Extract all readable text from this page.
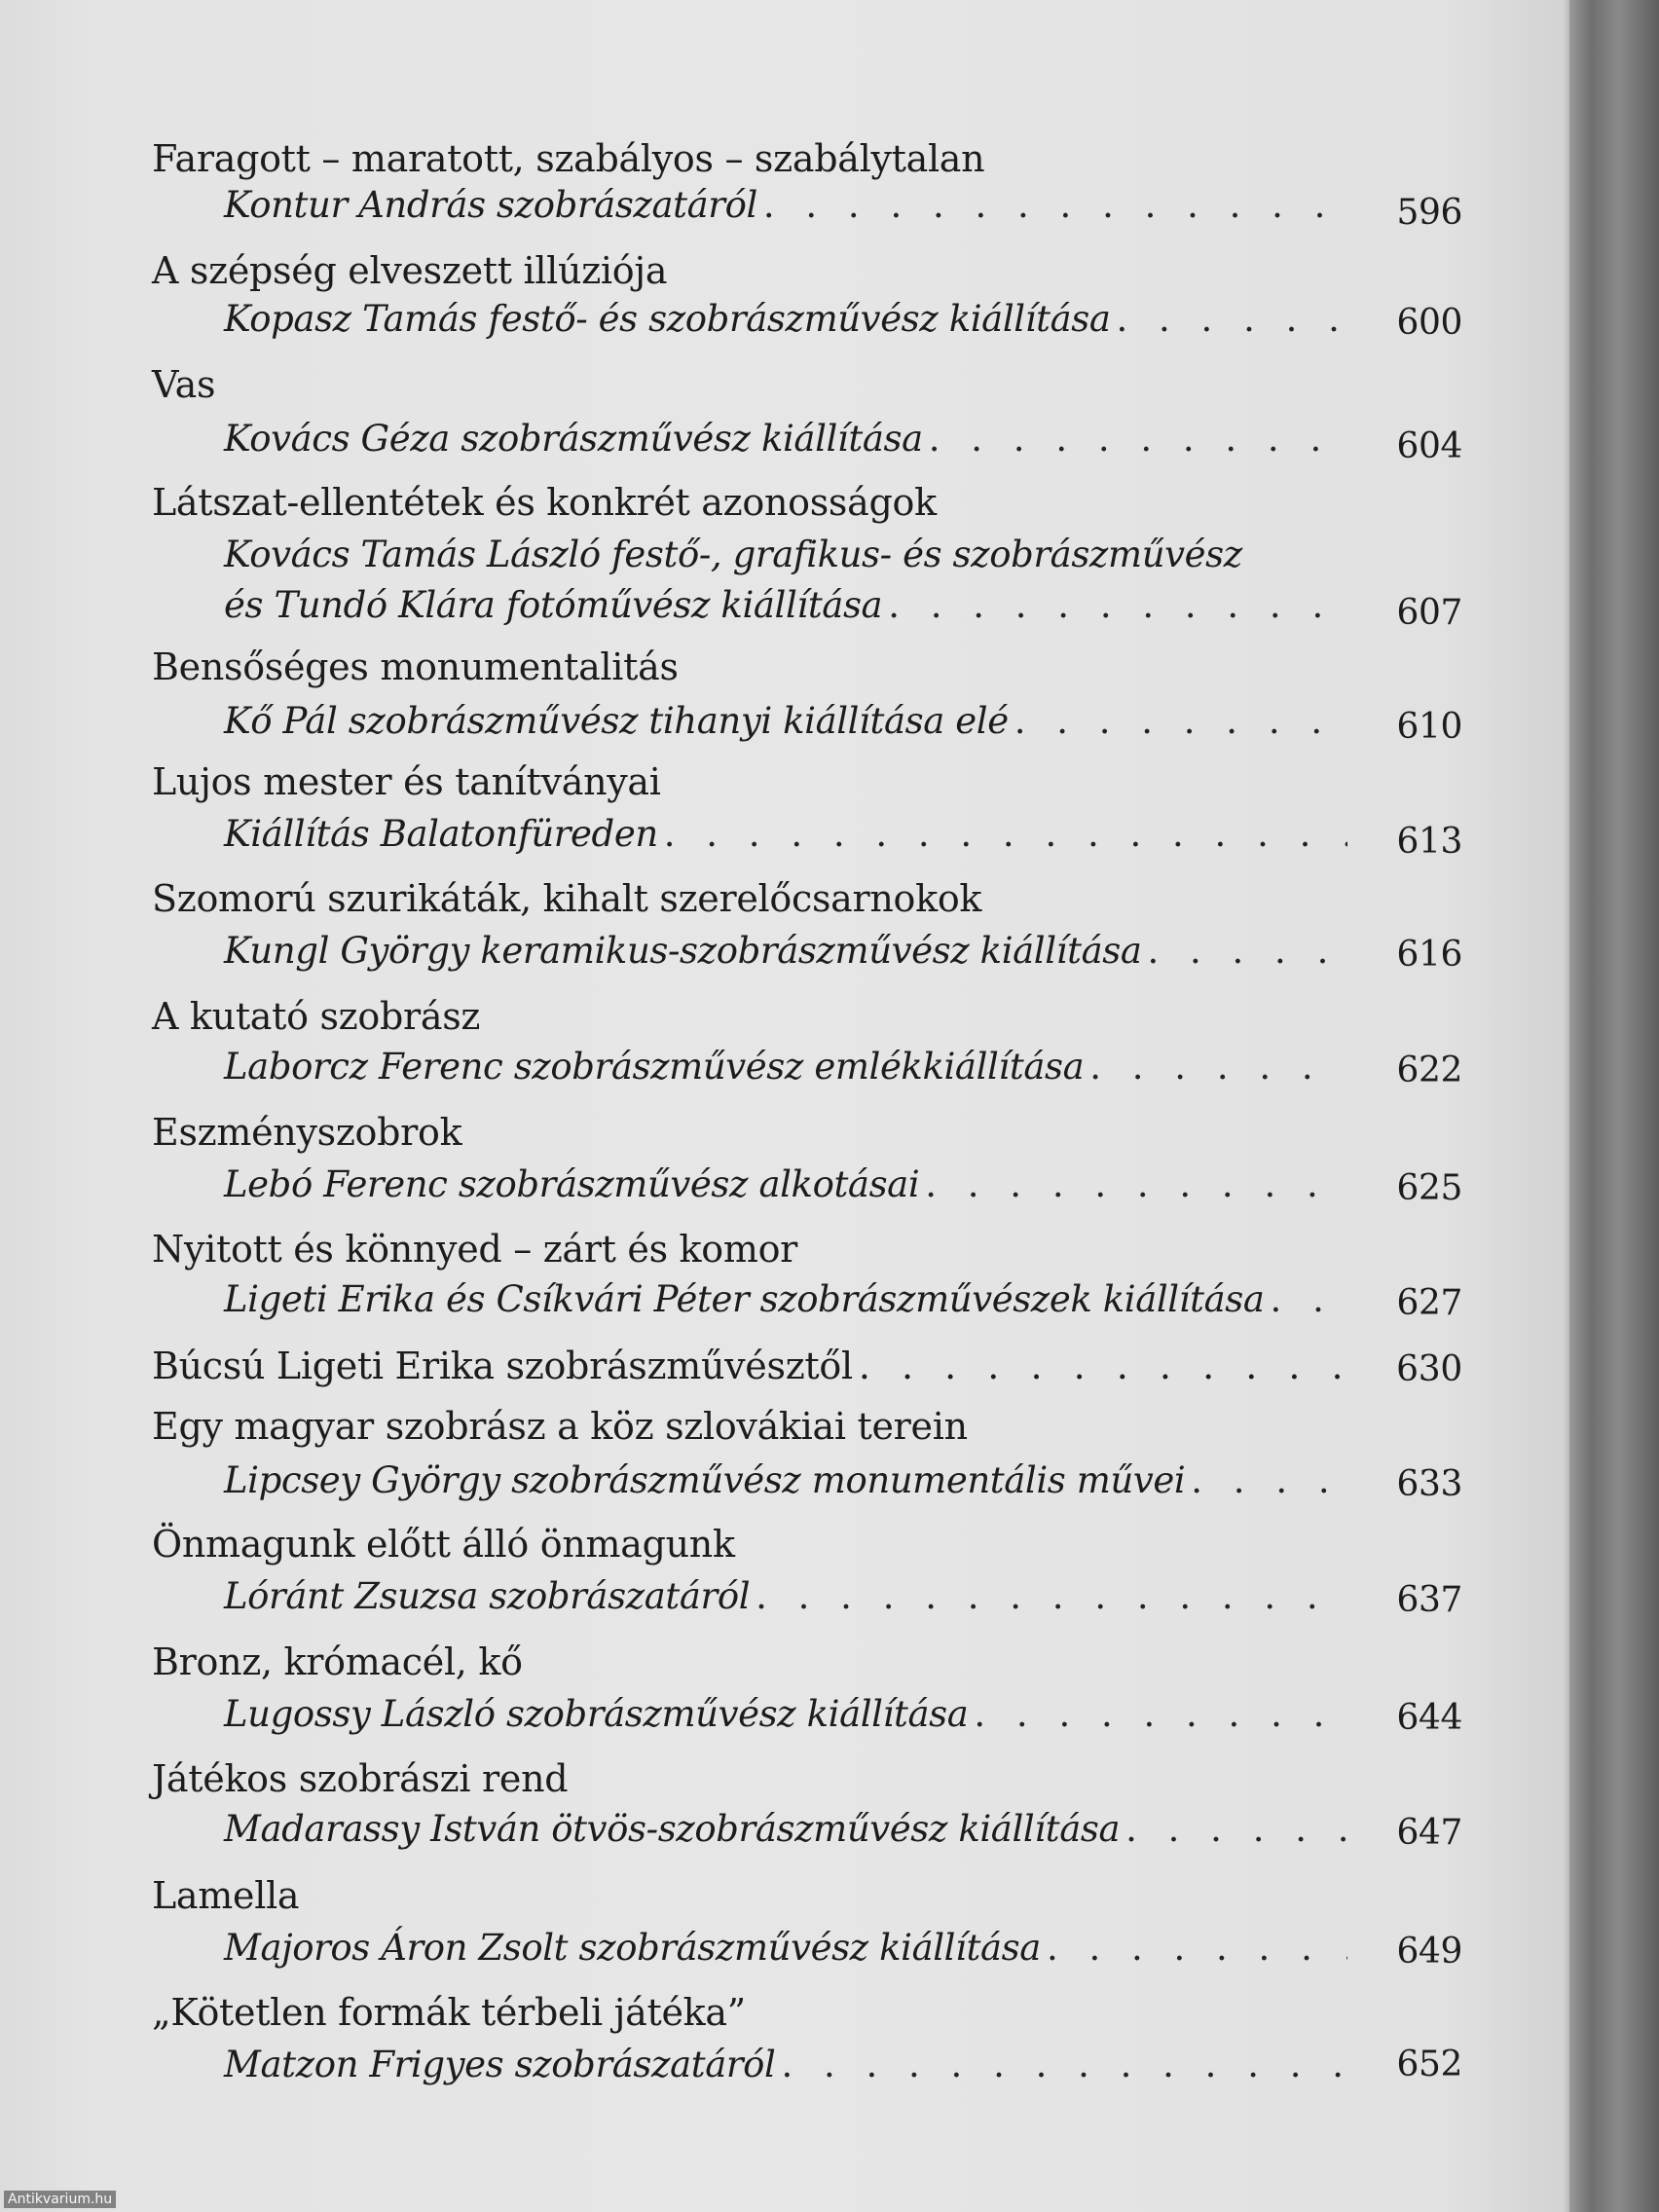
Faragott – maratott, szabályos – szabálytalan
Kontur András szobrászatáról . . .	596
A szépség elveszett illúziója
Kopasz Tamás festő- és szobrászművész kiállítása . . .	600
Vas
Kovács Géza szobrászművész kiállítása . . .	604
Látszat-ellentétek és konkrét azonosságok
Kovács Tamás László festő-, grafikus- és szobrászművész
és Tundó Klára fotóművész kiállítása . . .	607
Bensőséges monumentalitás
Kő Pál szobrászművész tihanyi kiállítása elé . . .	610
Lujos mester és tanítványai
Kiállítás Balatonfüreden . . .	613
Szomorú szurikáták, kihalt szerelőcsarnokok
Kungl György keramikus-szobrászművész kiállítása . . .	616
A kutató szobrász
Laborcz Ferenc szobrászművész emlékkiállítása . . .	622
Eszményszobrok
Lebó Ferenc szobrászművész alkotásai . . .	625
Nyitott és könnyed – zárt és komor
Ligeti Erika és Csíkvári Péter szobrászművészek kiállítása . . .	627
Búcsú Ligeti Erika szobrászművésztől . . .	630
Egy magyar szobrász a köz szlovákiai terein
Lipcsey György szobrászművész monumentális művei . . .	633
Önmagunk előtt álló önmagunk
Lóránt Zsuzsa szobrászatáról . . .	637
Bronz, krómacél, kő
Lugossy László szobrászművész kiállítása . . .	644
Játékos szobrászi rend
Madarassy István ötvös-szobrászművész kiállítása . . .	647
Lamella
Majoros Áron Zsolt szobrászművész kiállítása . . .	649
„Kötetlen formák térbeli játéka”
Matzon Frigyes szobrászatáról . . .	652
Antikvarium.hu
